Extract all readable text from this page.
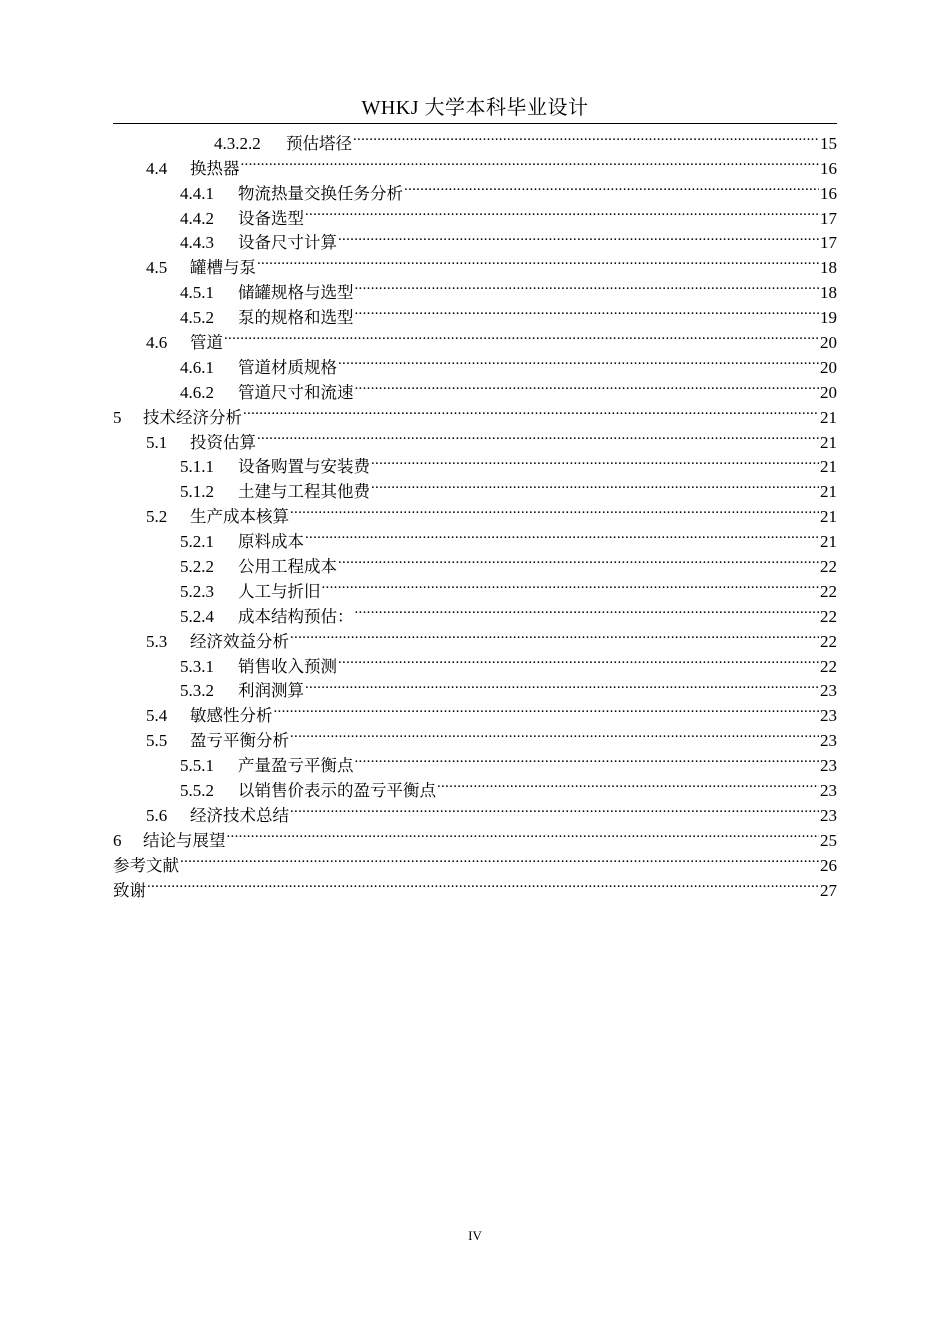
WHKJ 大学本科毕业设计
4.3.2.2	预估塔径 .....	15
4.4	换热器 .....	16
4.4.1	物流热量交换任务分析 .....	16
4.4.2	设备选型 .....	17
4.4.3	设备尺寸计算 .....	17
4.5	罐槽与泵 .....	18
4.5.1	储罐规格与选型 .....	18
4.5.2	泵的规格和选型 .....	19
4.6	管道 .....	20
4.6.1	管道材质规格 .....	20
4.6.2	管道尺寸和流速 .....	20
5	技术经济分析 .....	21
5.1	投资估算 .....	21
5.1.1	设备购置与安装费 .....	21
5.1.2	土建与工程其他费 .....	21
5.2	生产成本核算 .....	21
5.2.1	原料成本 .....	21
5.2.2	公用工程成本 .....	22
5.2.3	人工与折旧 .....	22
5.2.4	成本结构预估： .....	22
5.3	经济效益分析 .....	22
5.3.1	销售收入预测 .....	22
5.3.2	利润测算 .....	23
5.4	敏感性分析 .....	23
5.5	盈亏平衡分析 .....	23
5.5.1	产量盈亏平衡点 .....	23
5.5.2	以销售价表示的盈亏平衡点 .....	23
5.6	经济技术总结 .....	23
6	结论与展望 .....	25
参考文献 .....	26
致谢 .....	27
IV
